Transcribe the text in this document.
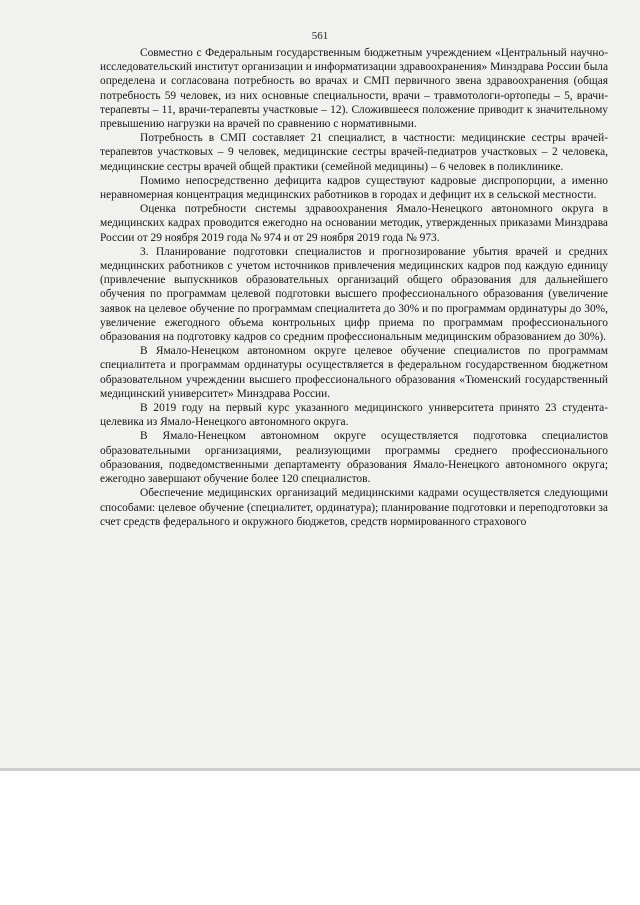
561

Совместно с Федеральным государственным бюджетным учреждением «Центральный научно-исследовательский институт организации и информатизации здравоохранения» Минздрава России была определена и согласована потребность во врачах и СМП первичного звена здравоохранения (общая потребность 59 человек, из них основные специальности, врачи – травмотологи-ортопеды – 5, врачи-терапевты – 11, врачи-терапевты участковые – 12). Сложившееся положение приводит к значительному превышению нагрузки на врачей по сравнению с нормативными.

Потребность в СМП составляет 21 специалист, в частности: медицинские сестры врачей-терапевтов участковых – 9 человек, медицинские сестры врачей-педиатров участковых – 2 человека, медицинские сестры врачей общей практики (семейной медицины) – 6 человек в поликлинике.

Помимо непосредственно дефицита кадров существуют кадровые диспропорции, а именно неравномерная концентрация медицинских работников в городах и дефицит их в сельской местности.

Оценка потребности системы здравоохранения Ямало-Ненецкого автономного округа в медицинских кадрах проводится ежегодно на основании методик, утвержденных приказами Минздрава России от 29 ноября 2019 года № 974 и от 29 ноября 2019 года № 973.

3. Планирование подготовки специалистов и прогнозирование убытия врачей и средних медицинских работников с учетом источников привлечения медицинских кадров под каждую единицу (привлечение выпускников образовательных организаций общего образования для дальнейшего обучения по программам целевой подготовки высшего профессионального образования (увеличение заявок на целевое обучение по программам специалитета до 30% и по программам ординатуры до 30%, увеличение ежегодного объема контрольных цифр приема по программам профессионального образования на подготовку кадров со средним профессиональным медицинским образованием до 30%).

В Ямало-Ненецком автономном округе целевое обучение специалистов по программам специалитета и программам ординатуры осуществляется в федеральном государственном бюджетном образовательном учреждении высшего профессионального образования «Тюменский государственный медицинский университет» Минздрава России.

В 2019 году на первый курс указанного медицинского университета принято 23 студента-целевика из Ямало-Ненецкого автономного округа.

В Ямало-Ненецком автономном округе осуществляется подготовка специалистов образовательными организациями, реализующими программы среднего профессионального образования, подведомственными департаменту образования Ямало-Ненецкого автономного округа; ежегодно завершают обучение более 120 специалистов.

Обеспечение медицинских организаций медицинскими кадрами осуществляется следующими способами: целевое обучение (специалитет, ординатура); планирование подготовки и переподготовки за счет средств федерального и окружного бюджетов, средств нормированного страхового
